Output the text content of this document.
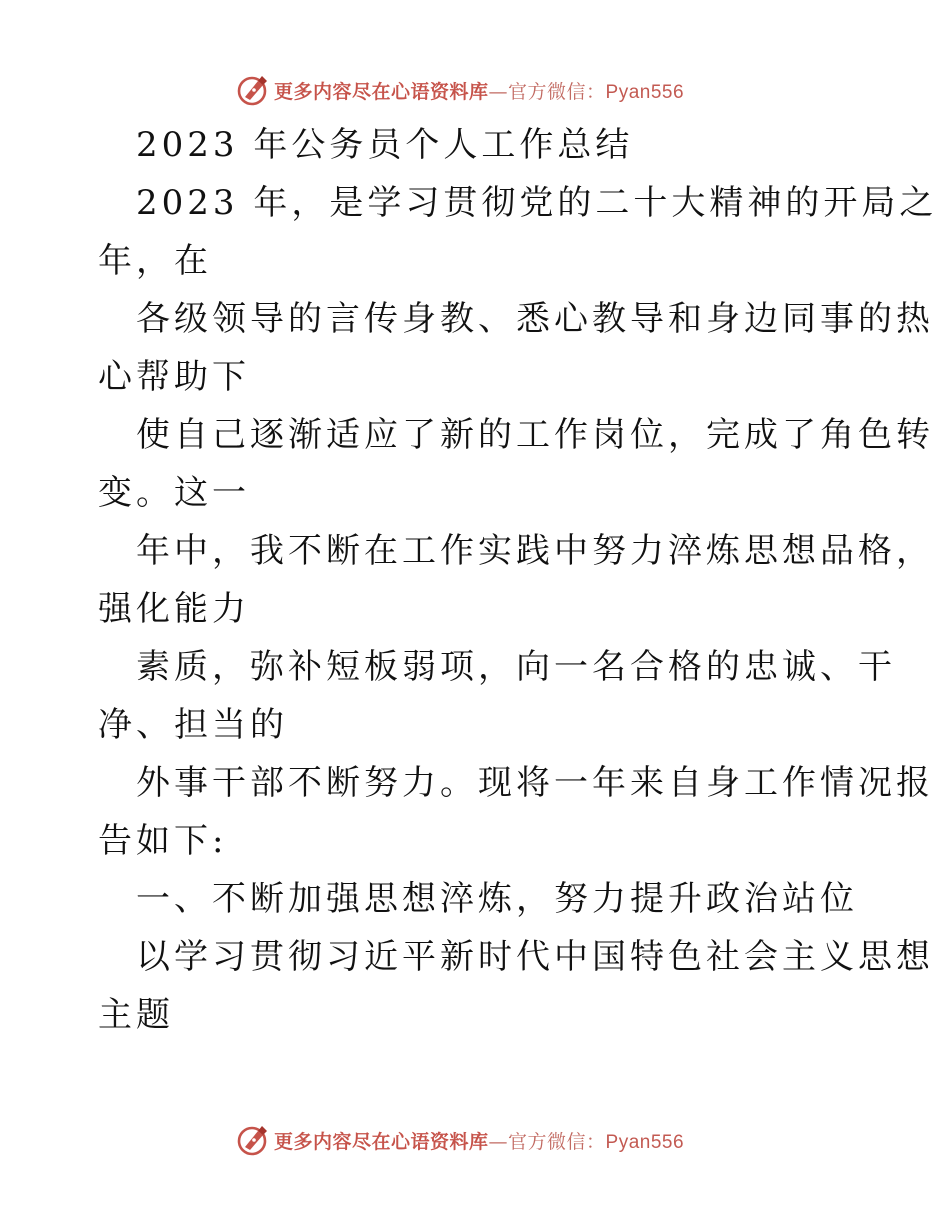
更多内容尽在心语资料库—官方微信：Pyan556
2023 年公务员个人工作总结
2023 年，是学习贯彻党的二十大精神的开局之
年，在
各级领导的言传身教、悉心教导和身边同事的热
心帮助下
使自己逐渐适应了新的工作岗位，完成了角色转
变。这一
年中，我不断在工作实践中努力淬炼思想品格，
强化能力
素质，弥补短板弱项，向一名合格的忠诚、干
净、担当的
外事干部不断努力。现将一年来自身工作情况报
告如下:
一、不断加强思想淬炼，努力提升政治站位
以学习贯彻习近平新时代中国特色社会主义思想
主题
更多内容尽在心语资料库—官方微信：Pyan556
